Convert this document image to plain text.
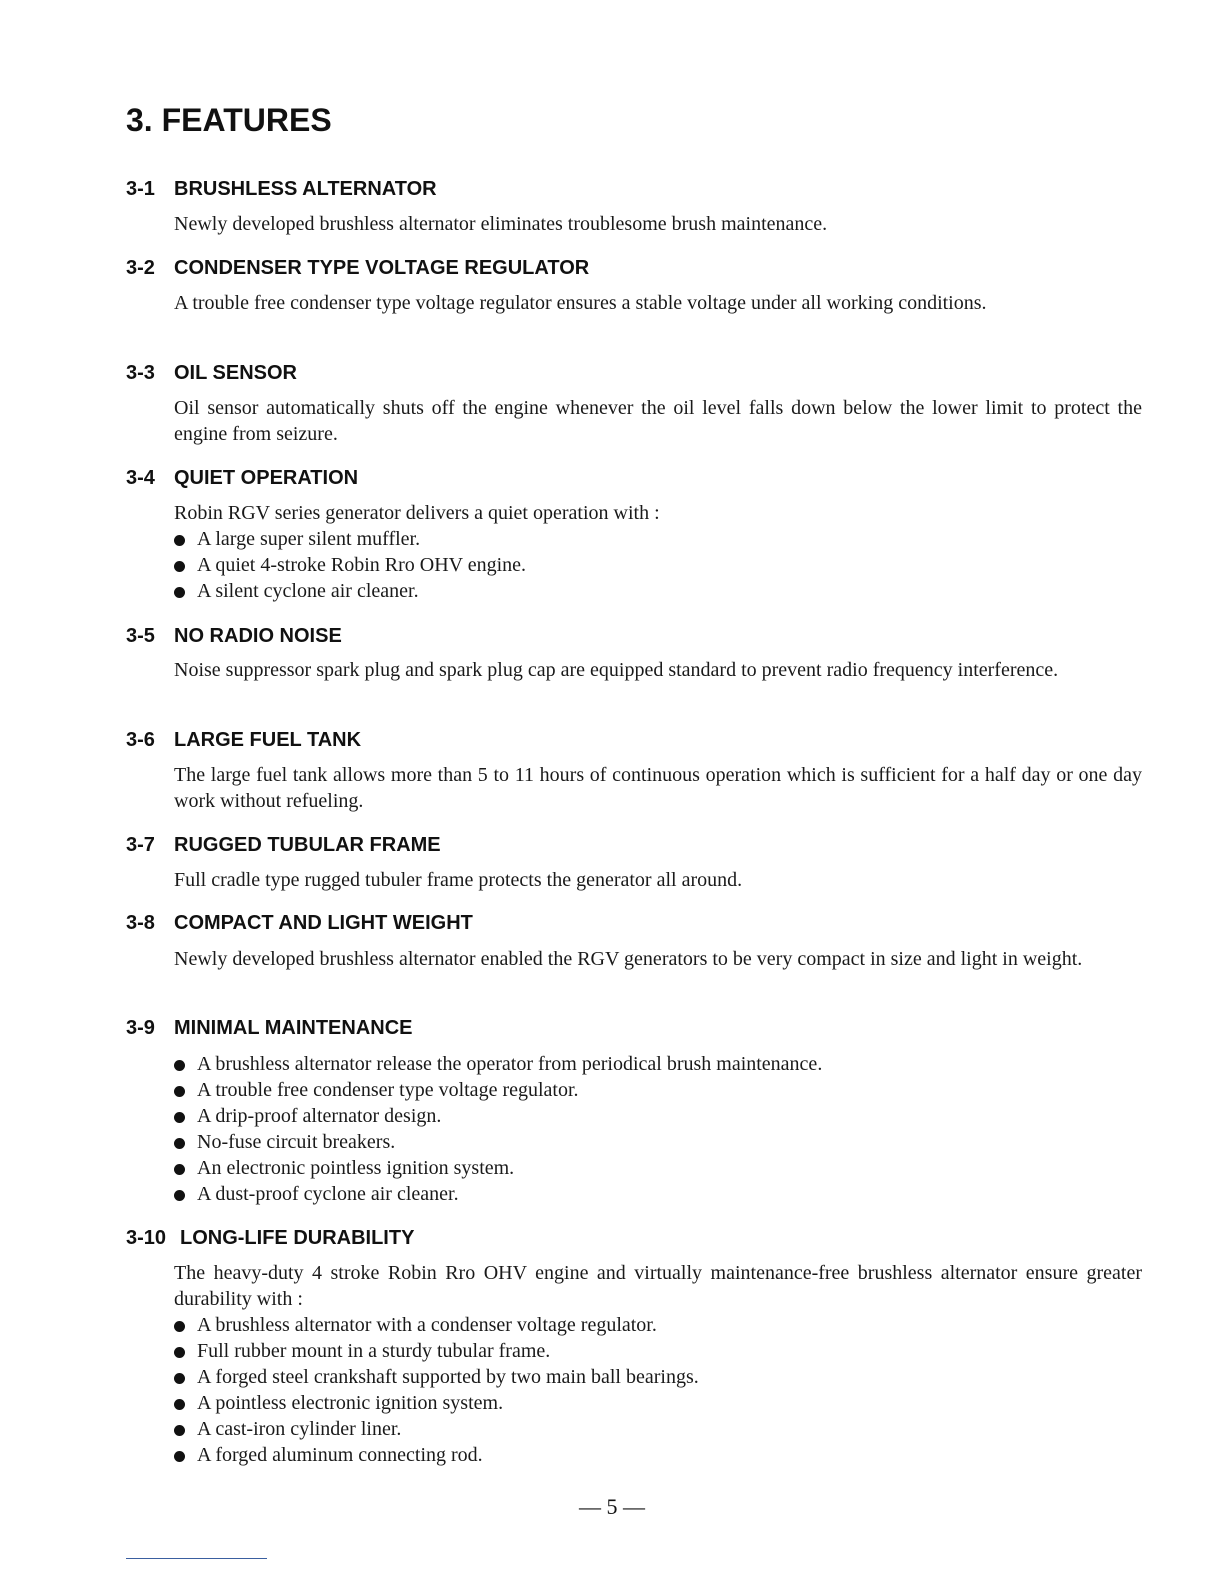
3. FEATURES
3-1 BRUSHLESS ALTERNATOR

Newly developed brushless alternator eliminates troublesome brush maintenance.

3-2 CONDENSER TYPE VOLTAGE REGULATOR

A trouble free condenser type voltage regulator ensures a stable voltage under all working conditions.

3-3 OIL SENSOR

Oil sensor automatically shuts off the engine whenever the oil level falls down below the lower limit to protect the engine from seizure.

3-4 QUIET OPERATION

Robin RGV series generator delivers a quiet operation with :

A large super silent muffler.
A quiet 4-stroke Robin Rro OHV engine.
A silent cyclone air cleaner.
3-5 NO RADIO NOISE

Noise suppressor spark plug and spark plug cap are equipped standard to prevent radio frequency interference.

3-6 LARGE FUEL TANK

The large fuel tank allows more than 5 to 11 hours of continuous operation which is sufficient for a half day or one day work without refueling.

3-7 RUGGED TUBULAR FRAME

Full cradle type rugged tubuler frame protects the generator all around.

3-8 COMPACT AND LIGHT WEIGHT

Newly developed brushless alternator enabled the RGV generators to be very compact in size and light in weight.

3-9 MINIMAL MAINTENANCE
A brushless alternator release the operator from periodical brush maintenance.
A trouble free condenser type voltage regulator.
A drip-proof alternator design.
No-fuse circuit breakers.
An electronic pointless ignition system.
A dust-proof cyclone air cleaner.
3-10 LONG-LIFE DURABILITY

The heavy-duty 4 stroke Robin Rro OHV engine and virtually maintenance-free brushless alternator ensure greater durability with :

A brushless alternator with a condenser voltage regulator.
Full rubber mount in a sturdy tubular frame.
A forged steel crankshaft supported by two main ball bearings.
A pointless electronic ignition system.
A cast-iron cylinder liner.
A forged aluminum connecting rod.
— 5 —
